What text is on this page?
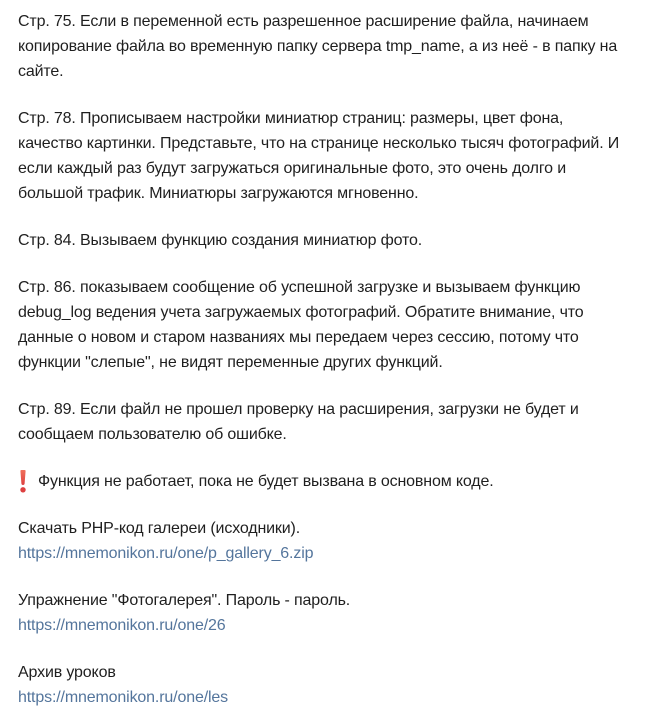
Стр. 75. Если в переменной есть разрешенное расширение файла, начинаем
копирование файла во временную папку сервера tmp_name, а из неё - в папку на
сайте.

Стр. 78. Прописываем настройки миниатюр страниц: размеры, цвет фона,
качество картинки. Представьте, что на странице несколько тысяч фотографий. И
если каждый раз будут загружаться оригинальные фото, это очень долго и
большой трафик. Миниатюры загружаются мгновенно.

Стр. 84. Вызываем функцию создания миниатюр фото.

Стр. 86. показываем сообщение об успешной загрузке и вызываем функцию
debug_log ведения учета загружаемых фотографий. Обратите внимание, что
данные о новом и старом названиях мы передаем через сессию, потому что
функции "слепые", не видят переменные других функций.

Стр. 89. Если файл не прошел проверку на расширения, загрузки не будет и
сообщаем пользователю об ошибке.

Функция не работает, пока не будет вызвана в основном коде.

Скачать PHP-код галереи (исходники).
https://mnemonikon.ru/one/p_gallery_6.zip

Упражнение "Фотогалерея". Пароль - пароль.
https://mnemonikon.ru/one/26

Архив уроков
https://mnemonikon.ru/one/les
